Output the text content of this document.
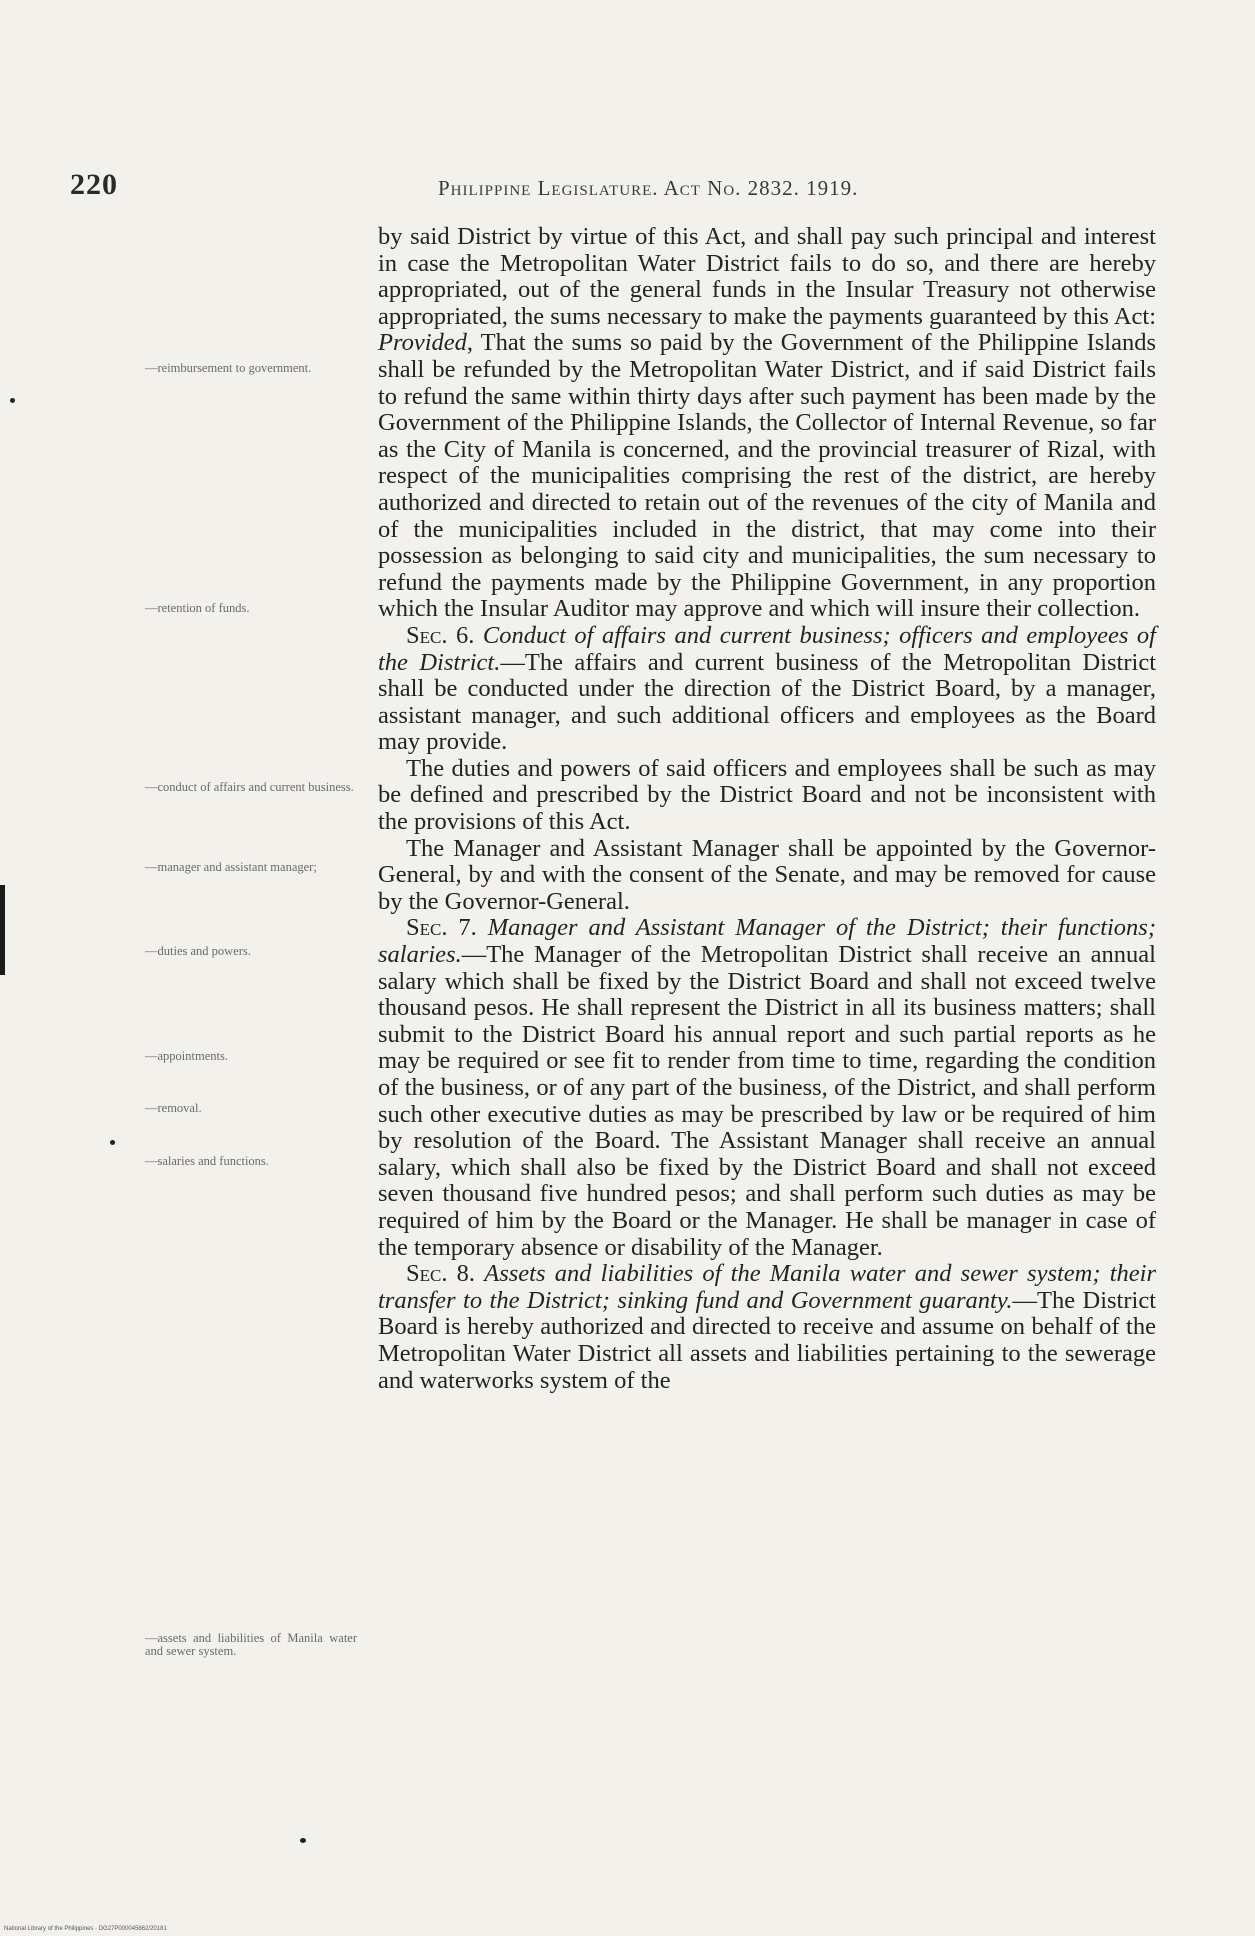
220	Philippine Legislature. Act No. 2832. 1919.

by said District by virtue of this Act, and shall pay such principal and interest in case the Metropolitan Water District fails to do so, and there are hereby appropriated, out of the general funds in the Insular Treasury not otherwise appropriated, the sums necessary to make the payments guaranteed by this Act: Provided, That the sums so paid by the Government of the Philippine Islands shall be refunded by the Metropolitan Water District, and if said District fails to refund the same within thirty days after such payment has been made by the Government of the Philippine Islands, the Collector of Internal Revenue, so far as the City of Manila is concerned, and the provincial treasurer of Rizal, with respect of the municipalities comprising the rest of the district, are hereby authorized and directed to retain out of the revenues of the city of Manila and of the municipalities included in the district, that may come into their possession as belonging to said city and municipalities, the sum necessary to refund the payments made by the Philippine Government, in any proportion which the Insular Auditor may approve and which will insure their collection.

Sec. 6. Conduct of affairs and current business; officers and employees of the District.—The affairs and current business of the Metropolitan District shall be conducted under the direction of the District Board, by a manager, assistant manager, and such additional officers and employees as the Board may provide.

The duties and powers of said officers and employees shall be such as may be defined and prescribed by the District Board and not be inconsistent with the provisions of this Act.

The Manager and Assistant Manager shall be appointed by the Governor-General, by and with the consent of the Senate, and may be removed for cause by the Governor-General.

Sec. 7. Manager and Assistant Manager of the District; their functions; salaries.—The Manager of the Metropolitan District shall receive an annual salary which shall be fixed by the District Board and shall not exceed twelve thousand pesos. He shall represent the District in all its business matters; shall submit to the District Board his annual report and such partial reports as he may be required or see fit to render from time to time, regarding the condition of the business, or of any part of the business, of the District, and shall perform such other executive duties as may be prescribed by law or be required of him by resolution of the Board. The Assistant Manager shall receive an annual salary, which shall also be fixed by the District Board and shall not exceed seven thousand five hundred pesos; and shall perform such duties as may be required of him by the Board or the Manager. He shall be manager in case of the temporary absence or disability of the Manager.

Sec. 8. Assets and liabilities of the Manila water and sewer system; their transfer to the District; sinking fund and Government guaranty.—The District Board is hereby authorized and directed to receive and assume on behalf of the Metropolitan Water District all assets and liabilities pertaining to the sewerage and waterworks system of the

—reimbursement to government.
—retention of funds.
—conduct of affairs and current business.
—manager and assistant manager;
—duties and powers.
—appointments.
—removal.
—salaries and functions.
—assets and liabilities of Manila water and sewer system.
National Library of the Philippines · DG27P000045862/20181
